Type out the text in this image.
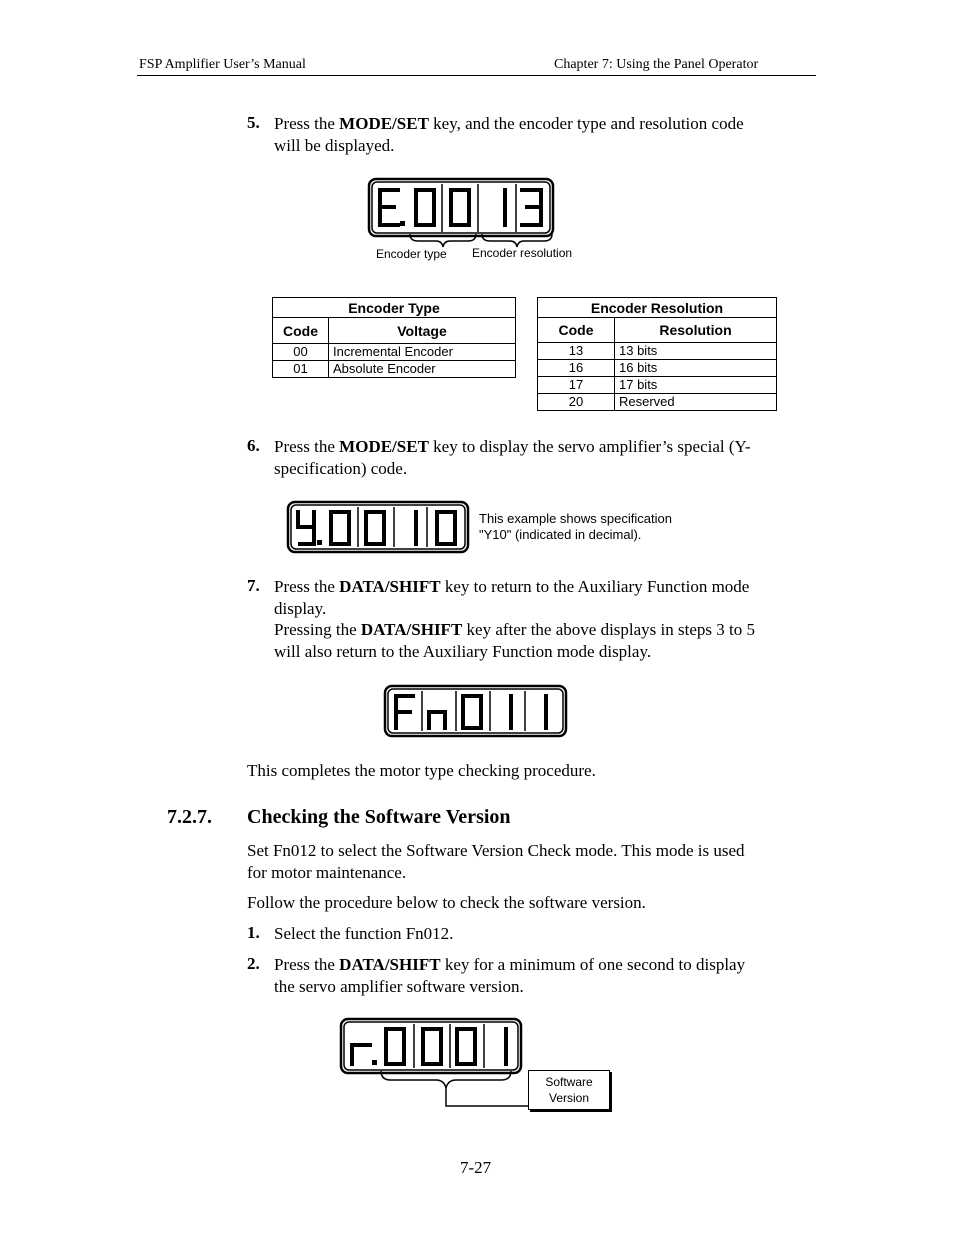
FSP Amplifier User’s Manual	Chapter 7: Using the Panel Operator
5. Press the MODE/SET key, and the encoder type and resolution code
will be displayed.
Encoder type Encoder resolution
Encoder Type	
Code	Voltage
00	Incremental Encoder
01	Absolute Encoder
Encoder Resolution	
Code	Resolution
13	13 bits
16	16 bits
17	17 bits
20	Reserved
6. Press the MODE/SET key to display the servo amplifier’s special (Y-
specification) code.
This example shows specification
"Y10" (indicated in decimal).
7. Press the DATA/SHIFT key to return to the Auxiliary Function mode
display.
Pressing the DATA/SHIFT key after the above displays in steps 3 to 5
will also return to the Auxiliary Function mode display.
This completes the motor type checking procedure.
7.2.7. Checking the Software Version
Set Fn012 to select the Software Version Check mode. This mode is used
for motor maintenance.
Follow the procedure below to check the software version.
1. Select the function Fn012.
2. Press the DATA/SHIFT key for a minimum of one second to display
the servo amplifier software version.
Software
Version
7-27
